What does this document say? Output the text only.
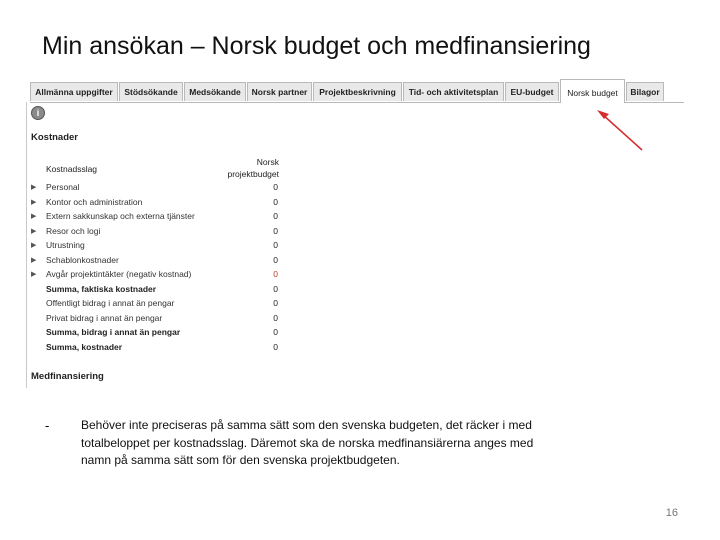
Min ansökan – Norsk budget och medfinansiering
Allmänna uppgifter	Stödsökande	Medsökande	Norsk partner	Projektbeskrivning	Tid- och aktivitetsplan	EU-budget	Norsk budget	Bilagor
i
Kostnader
Kostnadsslag
Norsk
projektbudget
▶ Personal	0
▶ Kontor och administration	0
▶ Extern sakkunskap och externa tjänster	0
▶ Resor och logi	0
▶ Utrustning	0
▶ Schablonkostnader	0
▶ Avgår projektintäkter (negativ kostnad)	0
Summa, faktiska kostnader	0
Offentligt bidrag i annat än pengar	0
Privat bidrag i annat än pengar	0
Summa, bidrag i annat än pengar	0
Summa, kostnader	0
Medfinansiering
-	Behöver inte preciseras på samma sätt som den svenska budgeten, det räcker i med totalbeloppet per kostnadsslag. Däremot ska de norska medfinansiärerna anges med namn på samma sätt som för den svenska projektbudgeten.
16
